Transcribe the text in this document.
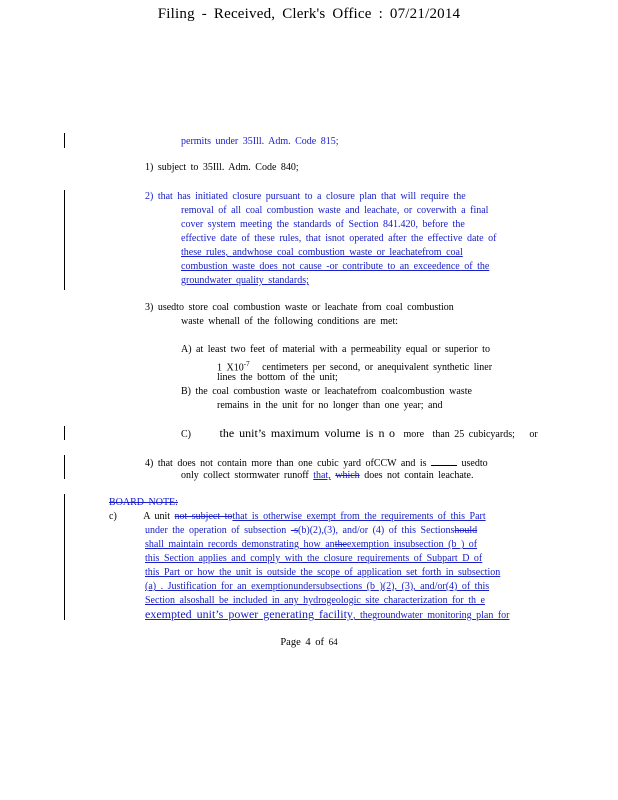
Filing - Received, Clerk's Office : 07/21/2014
permits under 35Ill. Adm. Code 815;
1) subject to 35Ill. Adm. Code 840;
2) that has initiated closure pursuant to a closure plan that will require the
removal of all coal combustion waste and leachate, or coverwith a final
cover system meeting the standards of Section 841.420, before the
effective date of these rules, that isnot operated after the effective date of
these rules, andwhose coal combustion waste or leachatefrom coal
combustion waste does not cause -or contribute to an exceedence of the
groundwater quality standards;
3) usedto store coal combustion waste or leachate from coal combustion
waste whenall of the following conditions are met:
A) at least two feet of material with a permeability equal or superior to
1 $X10^{-7}$ centimeters per second, or anequivalent synthetic liner
lines the bottom of the unit;
B) the coal combustion waste or leachatefrom coalcombustion waste
remains in the unit for no longer than one year; and
C) the unit’s maximum volume is n o more than 25 cubicyards; or
4) that does not contain more than one cubic yard ofCCW and is	usedto
only collect stormwater runoff that, which does not contain leachate.
BOARD NOTE:
c)	A unit not subject tothat is otherwise exempt from the requirements of this Part
under the operation of subsection -s(b)(2),(3), and/or (4) of this Sectionshould
shall maintain records demonstrating how antheexemption insubsection (b ) of
this Section applies and comply with the closure requirements of Subpart D of
this Part or how the unit is outside the scope of application set forth in subsection
(a) . Justification for an exemptionundersubsections (b )(2), (3), and/or(4) of this
Section alsoshall be included in any hydrogeologic site characterization for th e
exempted unit’s power generating facility, thegroundwater monitoring plan for
Page 4 of 64
